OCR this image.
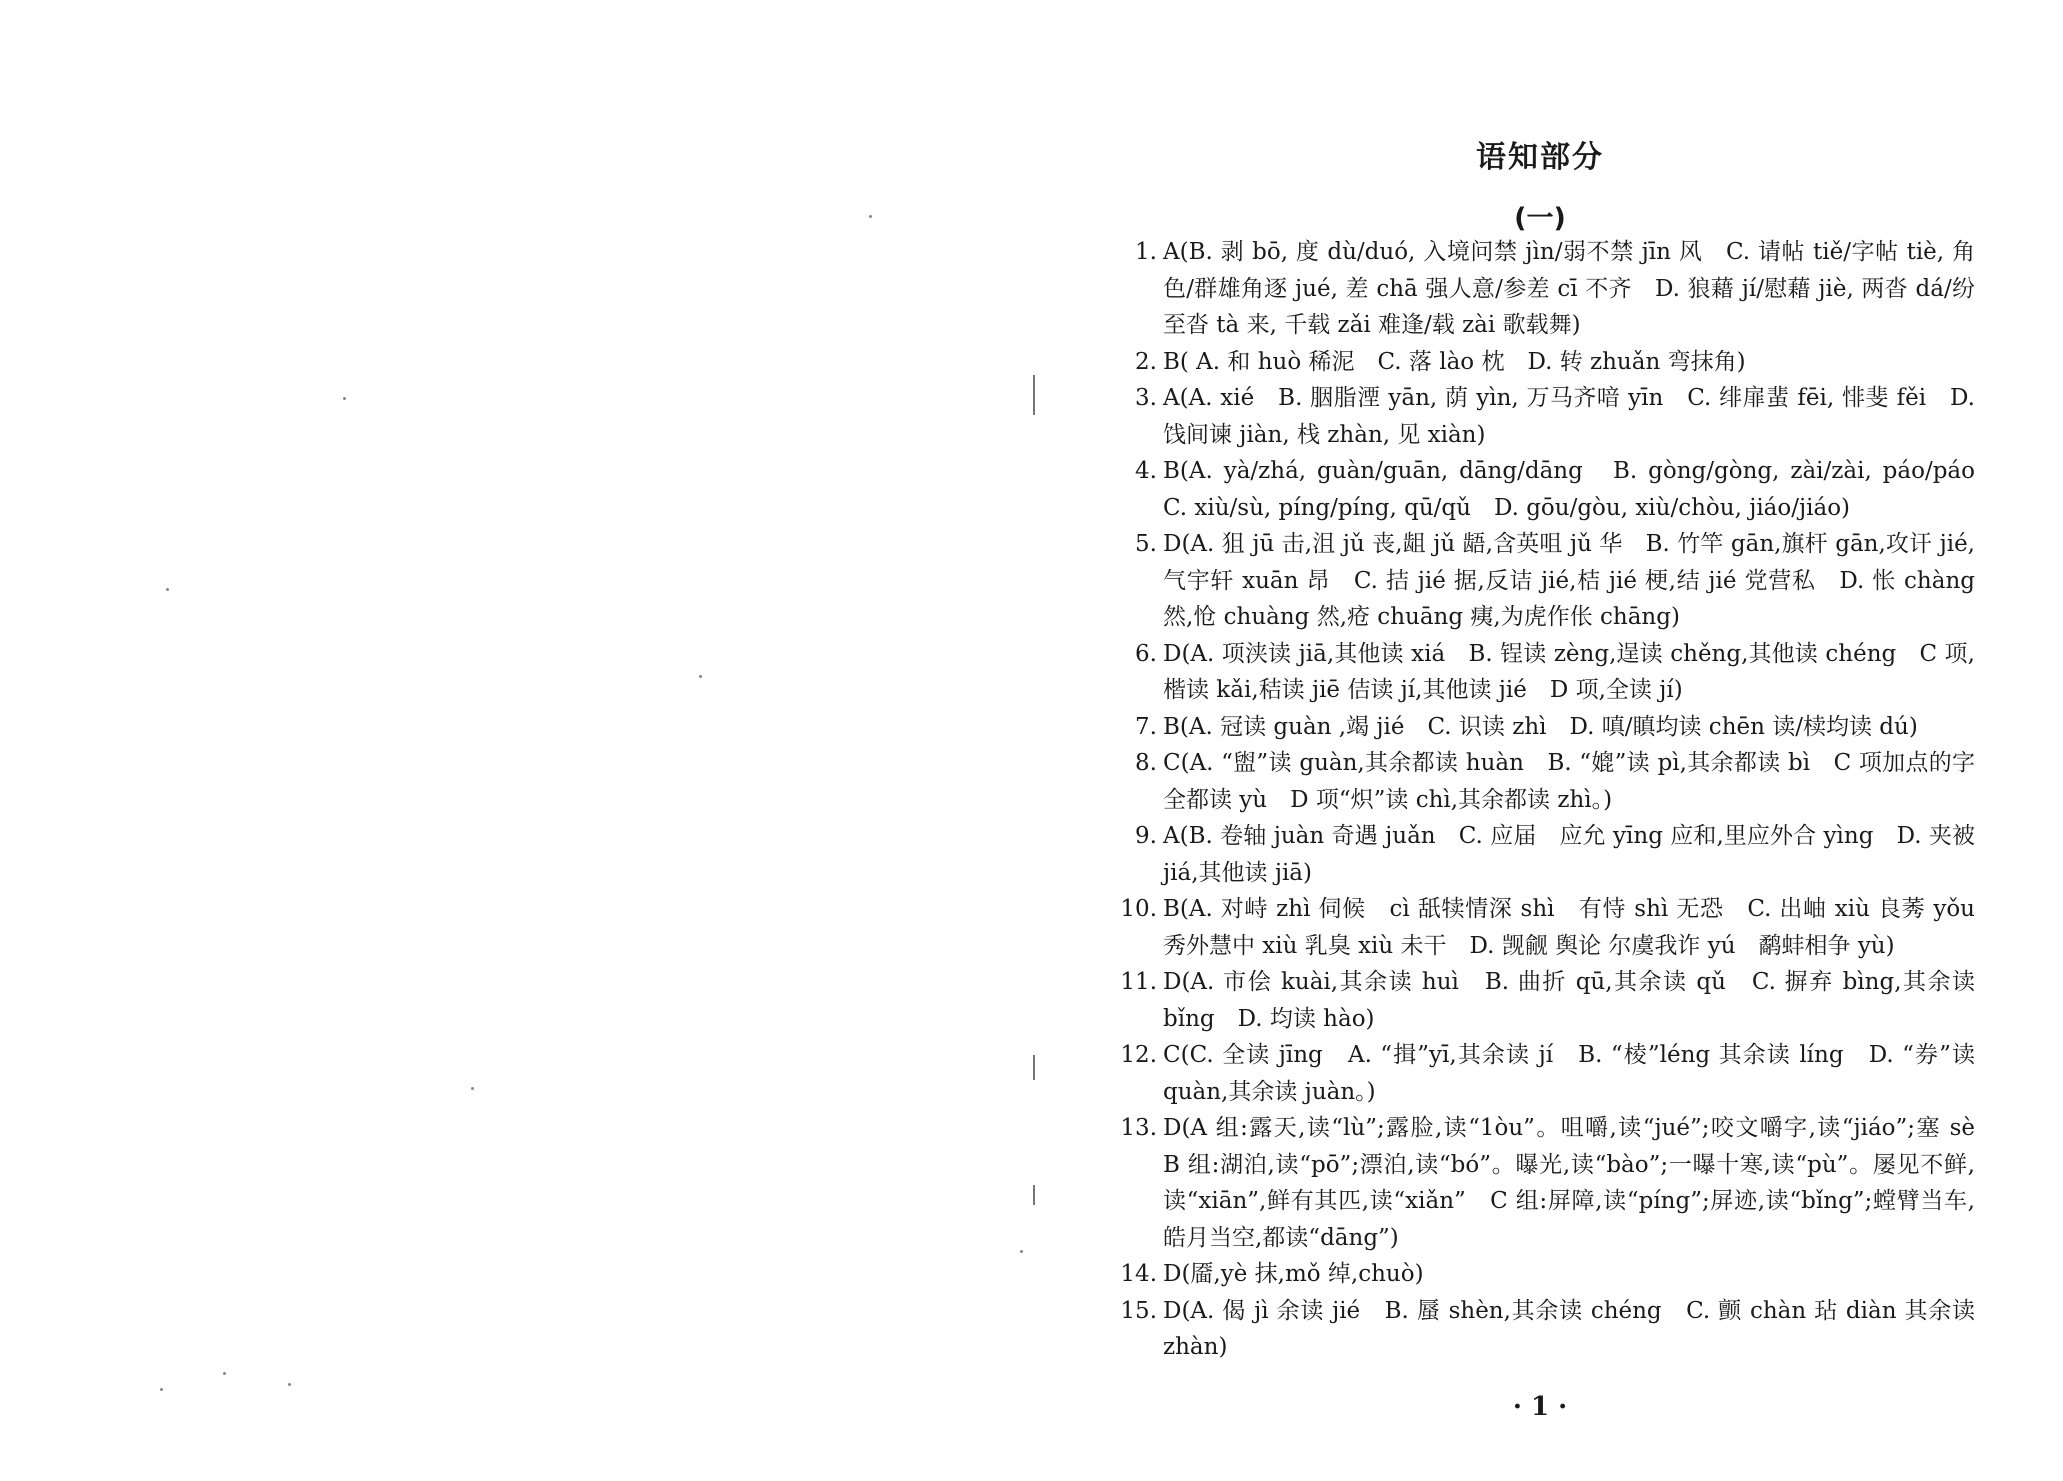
语知部分
(一)
1. A(B. 剥 bō, 度 dù/duó, 入境问禁 jìn/弱不禁 jīn 风　C. 请帖 tiě/字帖 tiè, 角色/群雄角逐 jué, 差 chā 强人意/参差 cī 不齐　D. 狼藉 jí/慰藉 jiè, 两沓 dá/纷至沓 tà 来, 千载 zǎi 难逢/载 zài 歌载舞)
2. B( A. 和 huò 稀泥　C. 落 lào 枕　D. 转 zhuǎn 弯抹角)
3. A(A. xié　B. 胭脂湮 yān, 荫 yìn, 万马齐喑 yīn　C. 绯扉蜚 fēi, 悱斐 fěi　D. 饯间谏 jiàn, 栈 zhàn, 见 xiàn)
4. B(A. yà/zhá, guàn/guān, dāng/dāng　B. gòng/gòng, zài/zài, páo/páo　C. xiù/sù, píng/píng, qū/qǔ　D. gōu/gòu, xiù/chòu, jiáo/jiáo)
5. D(A. 狙 jū 击,沮 jǔ 丧,龃 jǔ 龉,含英咀 jǔ 华　B. 竹竿 gān,旗杆 gān,攻讦 jié,气宇轩 xuān 昂　C. 拮 jié 据,反诘 jié,桔 jié 梗,结 jié 党营私　D. 怅 chàng 然,怆 chuàng 然,疮 chuāng 痍,为虎作伥 chāng)
6. D(A. 项浃读 jiā,其他读 xiá　B. 锃读 zèng,逞读 chěng,其他读 chéng　C 项,楷读 kǎi,秸读 jiē 佶读 jí,其他读 jié　D 项,全读 jí)
7. B(A. 冠读 guàn ,竭 jié　C. 识读 zhì　D. 嗔/瞋均读 chēn 读/椟均读 dú)
8. C(A. “盥”读 guàn,其余都读 huàn　B. “媲”读 pì,其余都读 bì　C 项加点的字全都读 yù　D 项“炽”读 chì,其余都读 zhì。)
9. A(B. 卷轴 juàn 奇遇 juǎn　C. 应届　应允 yīng 应和,里应外合 yìng　D. 夹被 jiá,其他读 jiā)
10. B(A. 对峙 zhì 伺候　cì 舐犊情深 shì　有恃 shì 无恐　C. 出岫 xiù 良莠 yǒu　秀外慧中 xiù 乳臭 xiù 未干　D. 觊觎 舆论 尔虞我诈 yú　鹬蚌相争 yù)
11. D(A. 市侩 kuài,其余读 huì　B. 曲折 qū,其余读 qǔ　C. 摒弃 bìng,其余读 bǐng　D. 均读 hào)
12. C(C. 全读 jīng　A. “揖”yī,其余读 jí　B. “棱”léng 其余读 líng　D. “券”读 quàn,其余读 juàn。)
13. D(A 组:露天,读“lù”;露脸,读“1òu”。咀嚼,读“jué”;咬文嚼字,读“jiáo”;塞 sè　B 组:湖泊,读“pō”;漂泊,读“bó”。曝光,读“bào”;一曝十寒,读“pù”。屡见不鲜,读“xiān”,鲜有其匹,读“xiǎn”　C 组:屏障,读“píng”;屏迹,读“bǐng”;螳臂当车,皓月当空,都读“dāng”)
14. D(靥,yè 抹,mǒ 绰,chuò)
15. D(A. 偈 jì 余读 jié　B. 蜃 shèn,其余读 chéng　C. 颤 chàn 玷 diàn 其余读 zhàn)
· 1 ·
